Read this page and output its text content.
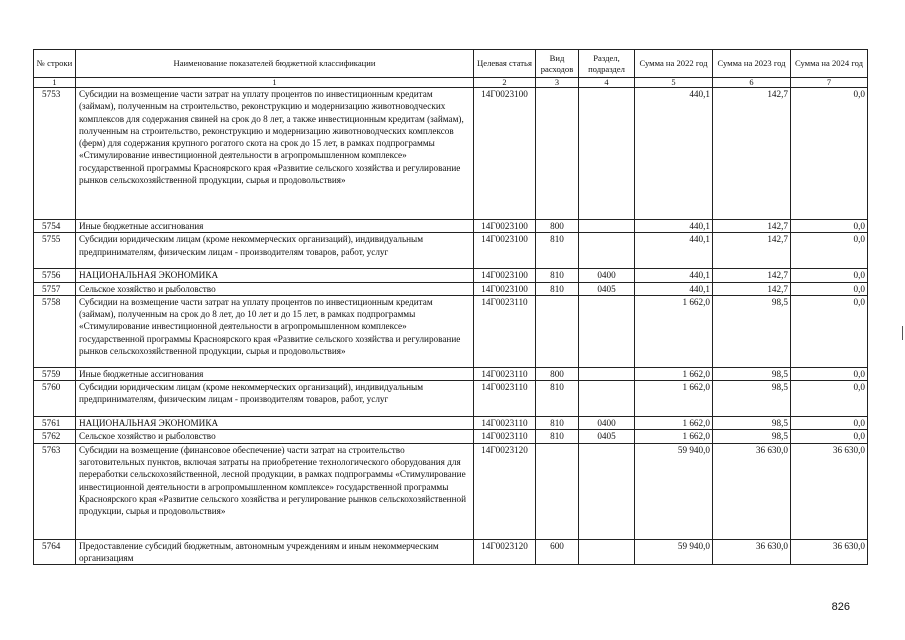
№ строки	Наименование показателей бюджетной классификации	Целевая статья	Вид расходов	Раздел, подраздел	Сумма на 2022 год	Сумма на 2023 год	Сумма на 2024 год
1	1	2	3	4	5	6	7
5753	Субсидии на возмещение части затрат на уплату процентов по инвестиционным кредитам (займам), полученным на строительство, реконструкцию и модернизацию животноводческих комплексов для содержания свиней на срок до 8 лет, а также инвестиционным кредитам (займам), полученным на строительство, реконструкцию и модернизацию животноводческих комплексов (ферм) для содержания крупного рогатого скота на срок до 15 лет, в рамках подпрограммы «Стимулирование инвестиционной деятельности в агропромышленном комплексе» государственной программы Красноярского края «Развитие сельского хозяйства и регулирование рынков сельскохозяйственной продукции, сырья и продовольствия»	14Г0023100			440,1	142,7	0,0
5754	Иные бюджетные ассигнования	14Г0023100	800		440,1	142,7	0,0
5755	Субсидии юридическим лицам (кроме некоммерческих организаций), индивидуальным предпринимателям, физическим лицам - производителям товаров, работ, услуг	14Г0023100	810		440,1	142,7	0,0
5756	НАЦИОНАЛЬНАЯ ЭКОНОМИКА	14Г0023100	810	0400	440,1	142,7	0,0
5757	Сельское хозяйство и рыболовство	14Г0023100	810	0405	440,1	142,7	0,0
5758	Субсидии на возмещение части затрат на уплату процентов по инвестиционным кредитам (займам), полученным на срок до 8 лет, до 10 лет и до 15 лет, в рамках подпрограммы «Стимулирование инвестиционной деятельности в агропромышленном комплексе» государственной программы Красноярского края «Развитие сельского хозяйства и регулирование рынков сельскохозяйственной продукции, сырья и продовольствия»	14Г0023110			1 662,0	98,5	0,0
5759	Иные бюджетные ассигнования	14Г0023110	800		1 662,0	98,5	0,0
5760	Субсидии юридическим лицам (кроме некоммерческих организаций), индивидуальным предпринимателям, физическим лицам - производителям товаров, работ, услуг	14Г0023110	810		1 662,0	98,5	0,0
5761	НАЦИОНАЛЬНАЯ ЭКОНОМИКА	14Г0023110	810	0400	1 662,0	98,5	0,0
5762	Сельское хозяйство и рыболовство	14Г0023110	810	0405	1 662,0	98,5	0,0
5763	Субсидии на возмещение (финансовое обеспечение) части затрат на строительство заготовительных пунктов, включая затраты на приобретение технологического оборудования для переработки сельскохозяйственной, лесной продукции, в рамках подпрограммы «Стимулирование инвестиционной деятельности в агропромышленном комплексе» государственной программы Красноярского края «Развитие сельского хозяйства и регулирование рынков сельскохозяйственной продукции, сырья и продовольствия»	14Г0023120			59 940,0	36 630,0	36 630,0
5764	Предоставление субсидий бюджетным, автономным учреждениям и иным некоммерческим организациям	14Г0023120	600		59 940,0	36 630,0	36 630,0
826
